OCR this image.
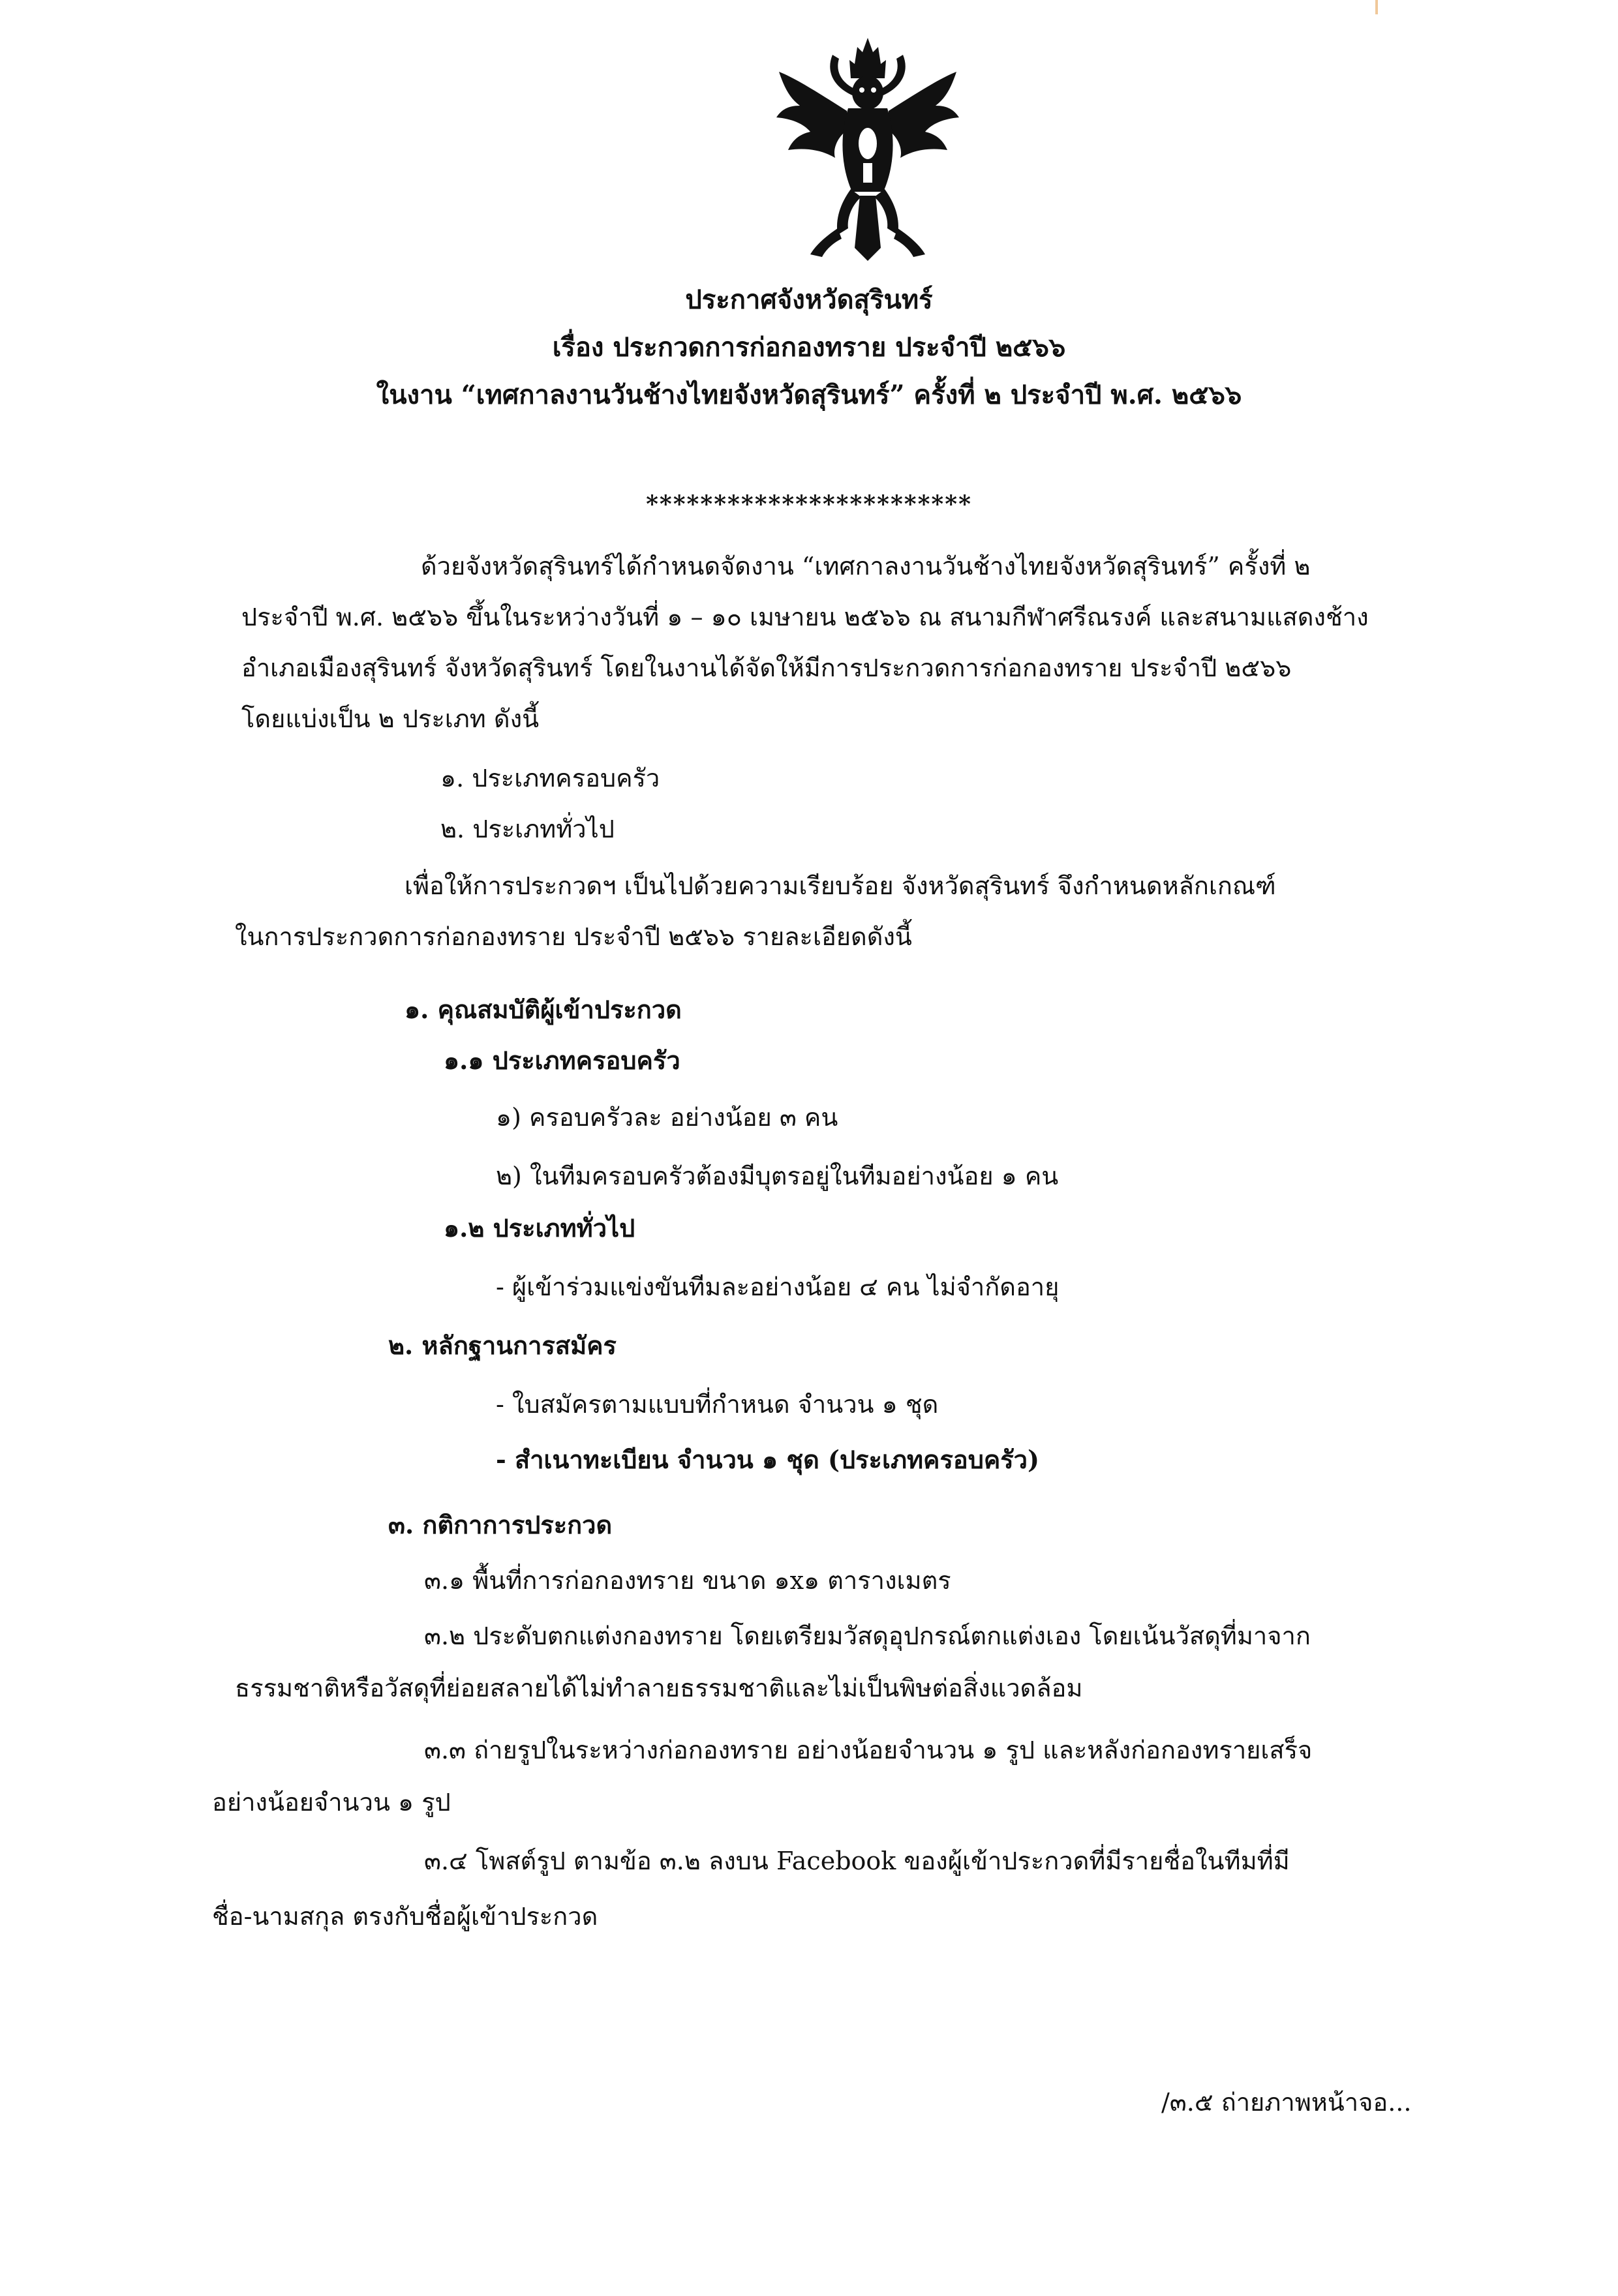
ประกาศจังหวัดสุรินทร์
เรื่อง ประกวดการก่อกองทราย ประจำปี ๒๕๖๖
ในงาน “เทศกาลงานวันช้างไทยจังหวัดสุรินทร์” ครั้งที่ ๒ ประจำปี พ.ศ. ๒๕๖๖
************************
ด้วยจังหวัดสุรินทร์ได้กำหนดจัดงาน “เทศกาลงานวันช้างไทยจังหวัดสุรินทร์” ครั้งที่ ๒
ประจำปี พ.ศ. ๒๕๖๖ ขึ้นในระหว่างวันที่ ๑ – ๑๐ เมษายน ๒๕๖๖ ณ สนามกีฬาศรีณรงค์ และสนามแสดงช้าง
อำเภอเมืองสุรินทร์ จังหวัดสุรินทร์ โดยในงานได้จัดให้มีการประกวดการก่อกองทราย ประจำปี ๒๕๖๖
โดยแบ่งเป็น ๒ ประเภท ดังนี้
๑. ประเภทครอบครัว
๒. ประเภททั่วไป
เพื่อให้การประกวดฯ เป็นไปด้วยความเรียบร้อย จังหวัดสุรินทร์ จึงกำหนดหลักเกณฑ์
ในการประกวดการก่อกองทราย ประจำปี ๒๕๖๖ รายละเอียดดังนี้
๑. คุณสมบัติผู้เข้าประกวด
๑.๑ ประเภทครอบครัว
๑) ครอบครัวละ อย่างน้อย ๓ คน
๒) ในทีมครอบครัวต้องมีบุตรอยู่ในทีมอย่างน้อย ๑ คน
๑.๒ ประเภททั่วไป
- ผู้เข้าร่วมแข่งขันทีมละอย่างน้อย ๔ คน ไม่จำกัดอายุ
๒. หลักฐานการสมัคร
- ใบสมัครตามแบบที่กำหนด จำนวน ๑ ชุด
- สำเนาทะเบียน จำนวน ๑ ชุด (ประเภทครอบครัว)
๓. กติกาการประกวด
๓.๑ พื้นที่การก่อกองทราย ขนาด ๑x๑ ตารางเมตร
๓.๒ ประดับตกแต่งกองทราย โดยเตรียมวัสดุอุปกรณ์ตกแต่งเอง โดยเน้นวัสดุที่มาจาก
ธรรมชาติหรือวัสดุที่ย่อยสลายได้ไม่ทำลายธรรมชาติและไม่เป็นพิษต่อสิ่งแวดล้อม
๓.๓ ถ่ายรูปในระหว่างก่อกองทราย อย่างน้อยจำนวน ๑ รูป และหลังก่อกองทรายเสร็จ
อย่างน้อยจำนวน ๑ รูป
๓.๔ โพสต์รูป ตามข้อ ๓.๒ ลงบน Facebook ของผู้เข้าประกวดที่มีรายชื่อในทีมที่มี
ชื่อ-นามสกุล ตรงกับชื่อผู้เข้าประกวด
/๓.๕ ถ่ายภาพหน้าจอ...
